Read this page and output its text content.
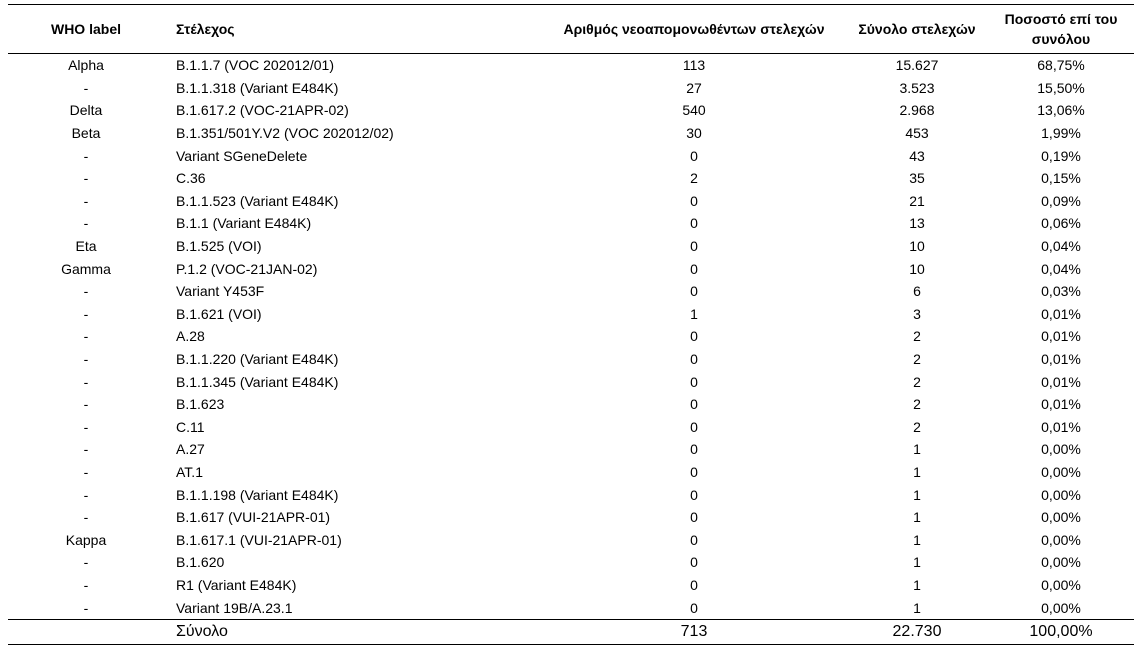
WHO label	Στέλεχος	Αριθμός νεοαπομονωθέντων στελεχών	Σύνολο στελεχών	Ποσοστό επί του συνόλου
Alpha	B.1.1.7 (VOC 202012/01)	113	15.627	68,75%
-	B.1.1.318 (Variant E484K)	27	3.523	15,50%
Delta	B.1.617.2 (VOC-21APR-02)	540	2.968	13,06%
Beta	B.1.351/501Y.V2 (VOC 202012/02)	30	453	1,99%
-	Variant SGeneDelete	0	43	0,19%
-	C.36	2	35	0,15%
-	B.1.1.523 (Variant E484K)	0	21	0,09%
-	B.1.1 (Variant E484K)	0	13	0,06%
Eta	B.1.525 (VOI)	0	10	0,04%
Gamma	P.1.2 (VOC-21JAN-02)	0	10	0,04%
-	Variant Y453F	0	6	0,03%
-	B.1.621 (VOI)	1	3	0,01%
-	A.28	0	2	0,01%
-	B.1.1.220 (Variant E484K)	0	2	0,01%
-	B.1.1.345 (Variant E484K)	0	2	0,01%
-	B.1.623	0	2	0,01%
-	C.11	0	2	0,01%
-	A.27	0	1	0,00%
-	AT.1	0	1	0,00%
-	B.1.1.198 (Variant E484K)	0	1	0,00%
-	B.1.617 (VUI-21APR-01)	0	1	0,00%
Kappa	B.1.617.1 (VUI-21APR-01)	0	1	0,00%
-	B.1.620	0	1	0,00%
-	R1 (Variant E484K)	0	1	0,00%
-	Variant 19B/A.23.1	0	1	0,00%
	Σύνολο	713	22.730	100,00%
